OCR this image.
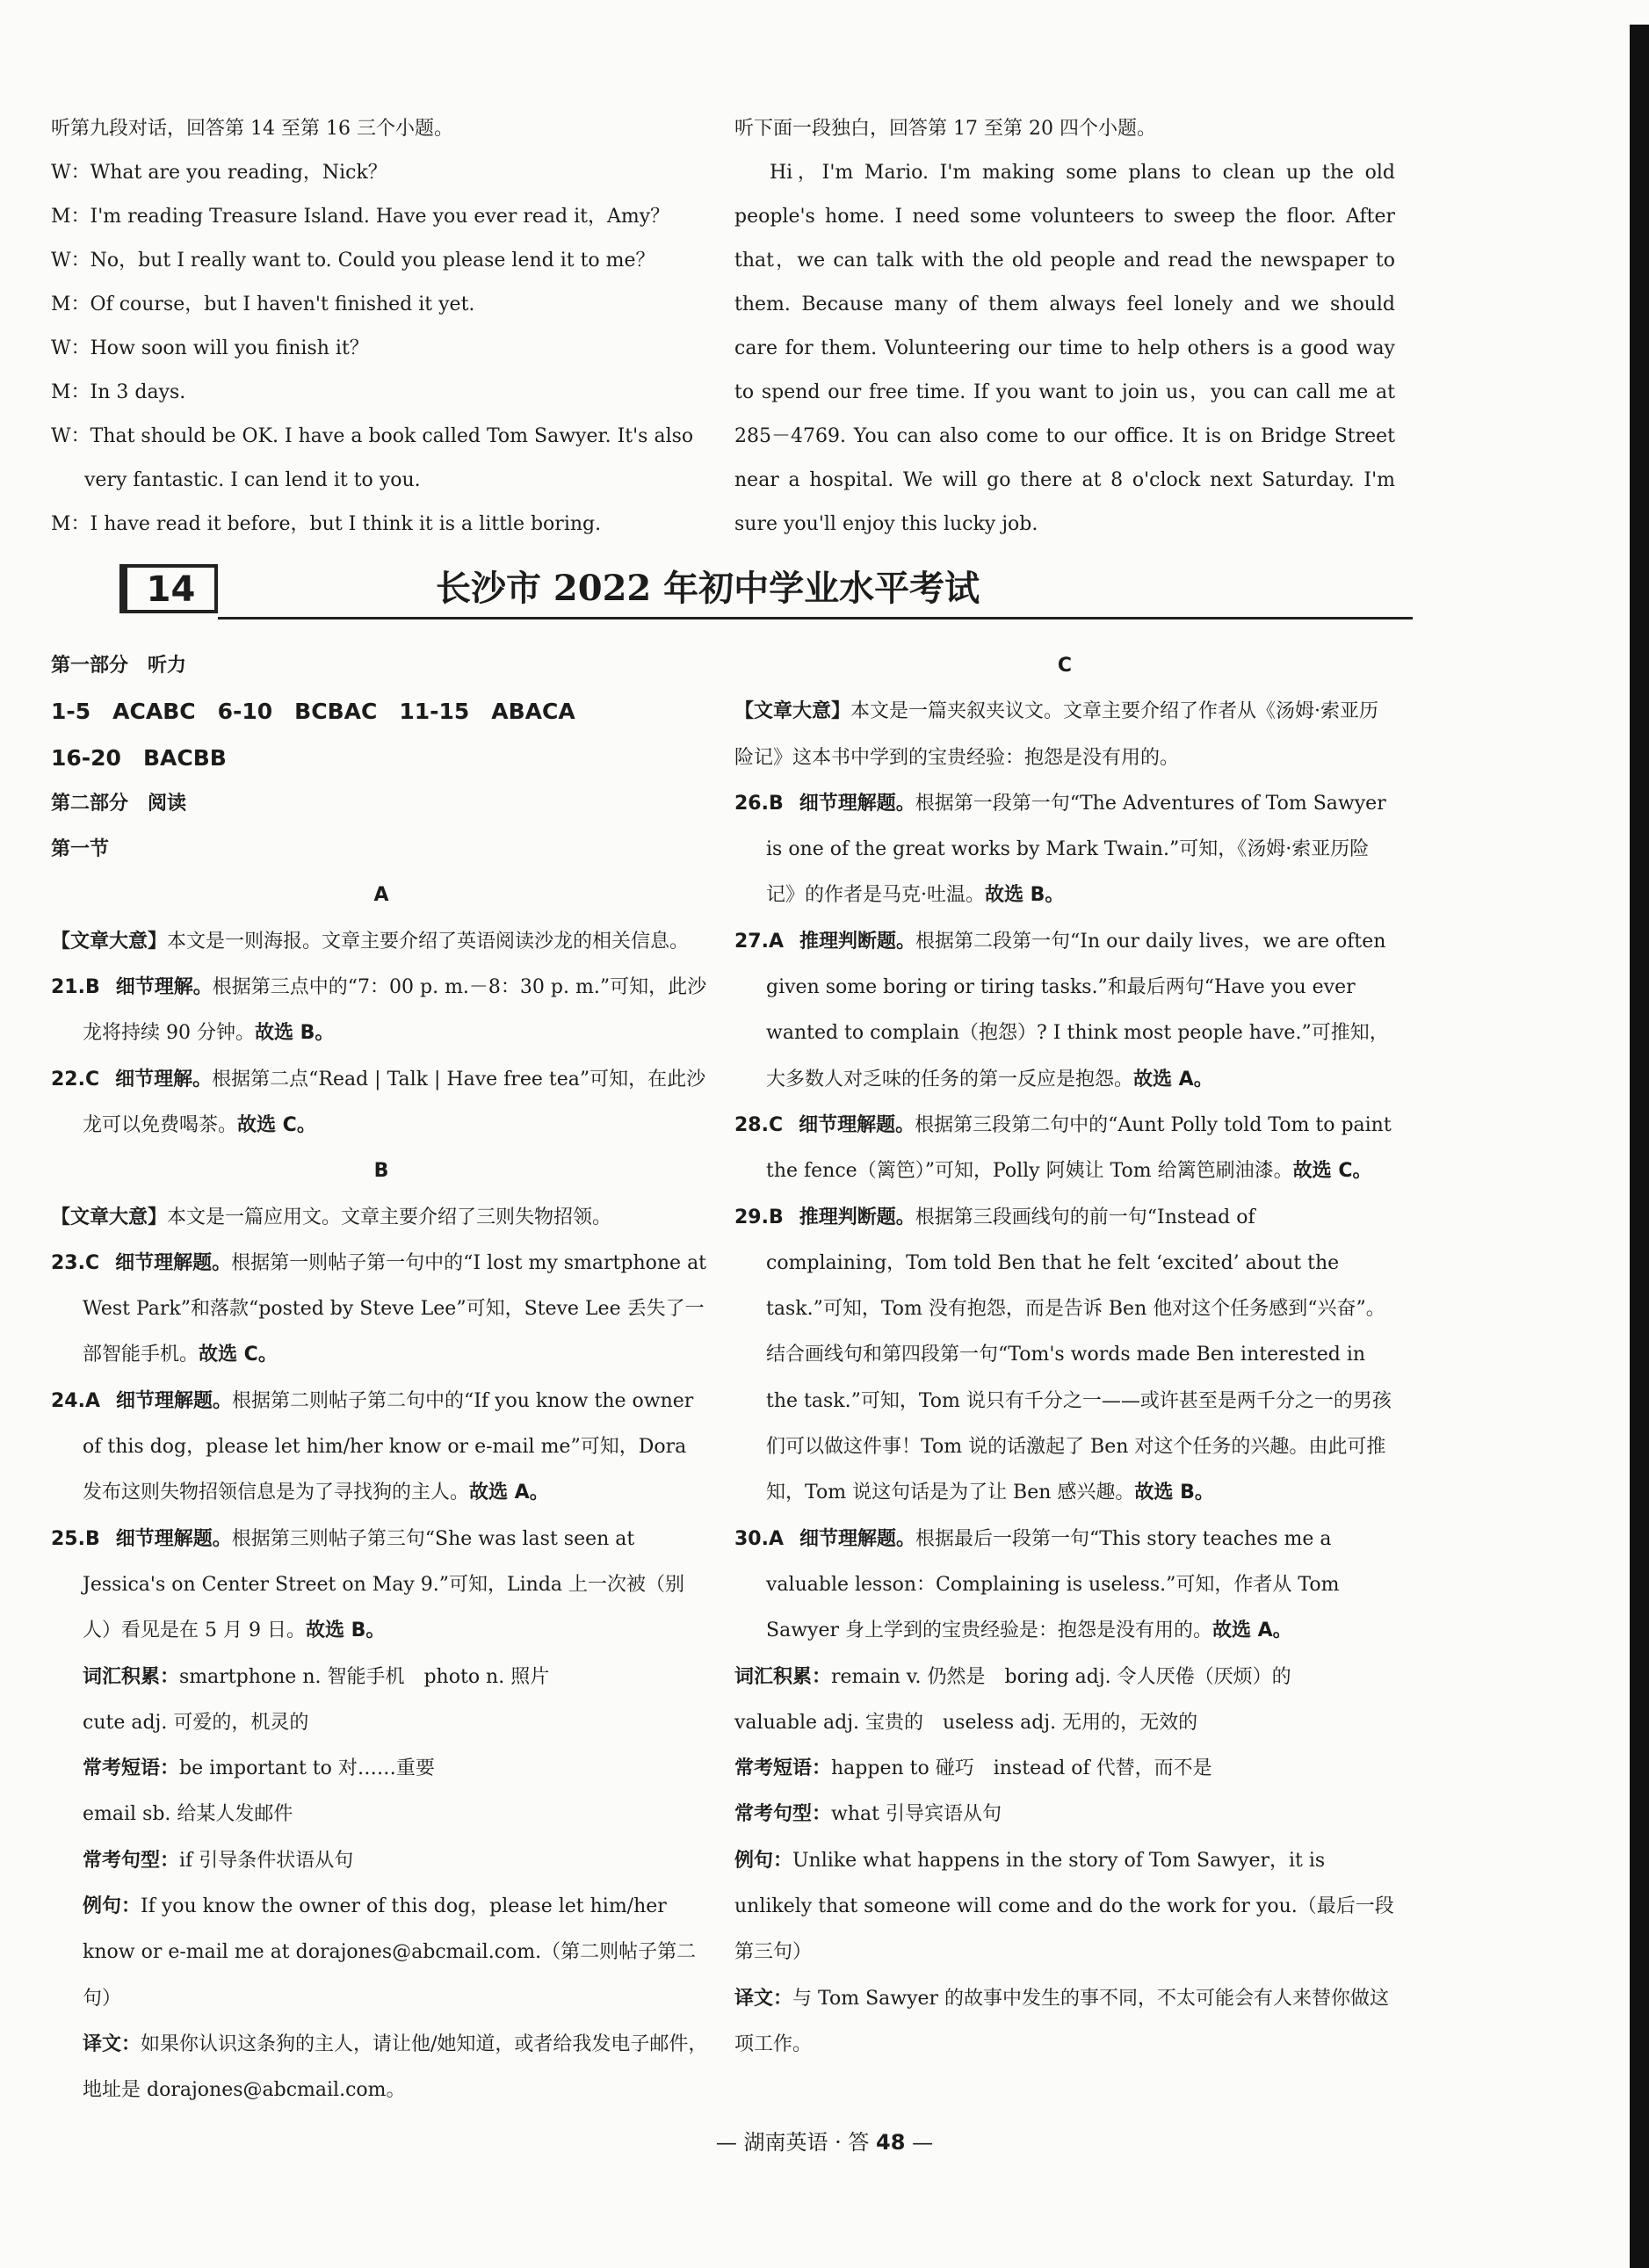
听第九段对话，回答第 14 至第 16 三个小题。
W：What are you reading，Nick？
M：I'm reading Treasure Island. Have you ever read it，Amy？
W：No，but I really want to. Could you please lend it to me？
M：Of course，but I haven't finished it yet.
W：How soon will you finish it？
M：In 3 days.
W：That should be OK. I have a book called Tom Sawyer. It's also
very fantastic. I can lend it to you.
M：I have read it before，but I think it is a little boring.
听下面一段独白，回答第 17 至第 20 四个小题。
Hi，I'm Mario. I'm making some plans to clean up the old people's home. I need some volunteers to sweep the floor. After that，we can talk with the old people and read the newspaper to them. Because many of them always feel lonely and we should care for them. Volunteering our time to help others is a good way to spend our free time. If you want to join us，you can call me at 285－4769. You can also come to our office. It is on Bridge Street near a hospital. We will go there at 8 o'clock next Saturday. I'm sure you'll enjoy this lucky job.
14	长沙市 2022 年初中学业水平考试
第一部分　听力
1-5　ACABC　6-10　BCBAC　11-15　ABACA
16-20　BACBB
第二部分　阅读
第一节
A
【文章大意】本文是一则海报。文章主要介绍了英语阅读沙龙的相关信息。
21.B 细节理解。根据第三点中的“7：00 p. m.－8：30 p. m.”可知，此沙龙将持续 90 分钟。故选 B。
22.C 细节理解。根据第二点“Read | Talk | Have free tea”可知，在此沙龙可以免费喝茶。故选 C。
B
【文章大意】本文是一篇应用文。文章主要介绍了三则失物招领。
23.C 细节理解题。根据第一则帖子第一句中的“I lost my smartphone at West Park”和落款“posted by Steve Lee”可知，Steve Lee 丢失了一部智能手机。故选 C。
24.A 细节理解题。根据第二则帖子第二句中的“If you know the owner of this dog，please let him/her know or e-mail me”可知，Dora 发布这则失物招领信息是为了寻找狗的主人。故选 A。
25.B 细节理解题。根据第三则帖子第三句“She was last seen at Jessica's on Center Street on May 9.”可知，Linda 上一次被（别人）看见是在 5 月 9 日。故选 B。
词汇积累：smartphone n. 智能手机　photo n. 照片
cute adj. 可爱的，机灵的
常考短语：be important to 对……重要
email sb. 给某人发邮件
常考句型：if 引导条件状语从句
例句：If you know the owner of this dog，please let him/her know or e-mail me at dorajones@abcmail.com.（第二则帖子第二句）
译文：如果你认识这条狗的主人，请让他/她知道，或者给我发电子邮件，地址是 dorajones@abcmail.com。
C
【文章大意】本文是一篇夹叙夹议文。文章主要介绍了作者从《汤姆·索亚历险记》这本书中学到的宝贵经验：抱怨是没有用的。
26.B 细节理解题。根据第一段第一句“The Adventures of Tom Sawyer is one of the great works by Mark Twain.”可知，《汤姆·索亚历险记》的作者是马克·吐温。故选 B。
27.A 推理判断题。根据第二段第一句“In our daily lives，we are often given some boring or tiring tasks.”和最后两句“Have you ever wanted to complain（抱怨）? I think most people have.”可推知，大多数人对乏味的任务的第一反应是抱怨。故选 A。
28.C 细节理解题。根据第三段第二句中的“Aunt Polly told Tom to paint the fence（篱笆）”可知，Polly 阿姨让 Tom 给篱笆刷油漆。故选 C。
29.B 推理判断题。根据第三段画线句的前一句“Instead of complaining，Tom told Ben that he felt ‘excited’ about the task.”可知，Tom 没有抱怨，而是告诉 Ben 他对这个任务感到“兴奋”。结合画线句和第四段第一句“Tom's words made Ben interested in the task.”可知，Tom 说只有千分之一——或许甚至是两千分之一的男孩们可以做这件事！Tom 说的话激起了 Ben 对这个任务的兴趣。由此可推知，Tom 说这句话是为了让 Ben 感兴趣。故选 B。
30.A 细节理解题。根据最后一段第一句“This story teaches me a valuable lesson：Complaining is useless.”可知，作者从 Tom Sawyer 身上学到的宝贵经验是：抱怨是没有用的。故选 A。
词汇积累：remain v. 仍然是　boring adj. 令人厌倦（厌烦）的
valuable adj. 宝贵的　useless adj. 无用的，无效的
常考短语：happen to 碰巧　instead of 代替，而不是
常考句型：what 引导宾语从句
例句：Unlike what happens in the story of Tom Sawyer，it is unlikely that someone will come and do the work for you.（最后一段第三句）
译文：与 Tom Sawyer 的故事中发生的事不同，不太可能会有人来替你做这项工作。
— 湖南英语 · 答 48 —
